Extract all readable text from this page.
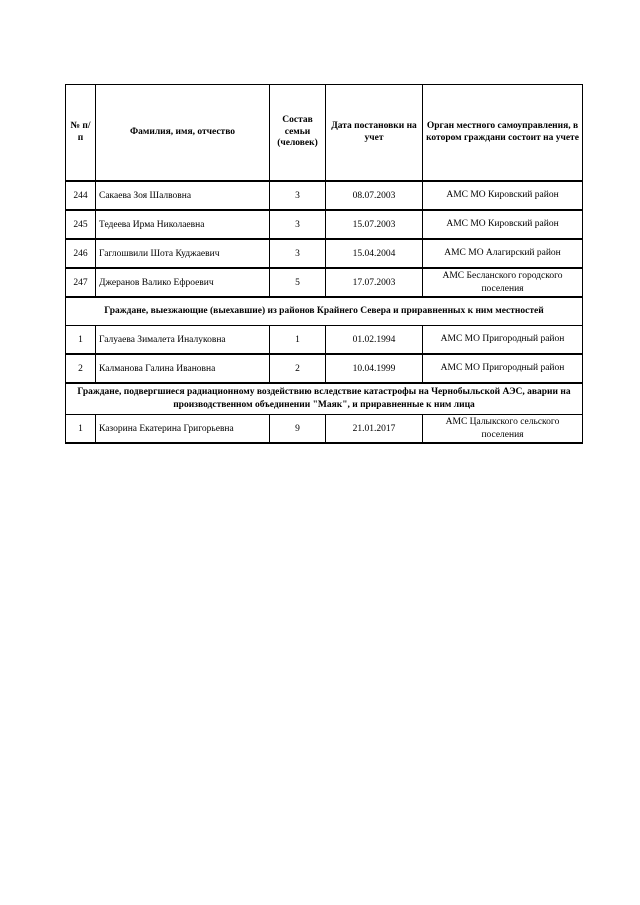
№ п/п	Фамилия, имя, отчество	Состав семьи (человек)	Дата постановки на учет	Орган местного самоуправления, в котором граждани состоит на учете
244	Сакаева Зоя Шалвовна	3	08.07.2003	АМС МО Кировский район
245	Тедеева Ирма Николаевна	3	15.07.2003	АМС МО Кировский район
246	Гаглошвили Шота Куджаевич	3	15.04.2004	АМС МО Алагирский район
247	Джеранов Валико Ефроевич	5	17.07.2003	АМС Бесланского городского поселения
Граждане, выезжающие (выехавшие) из районов Крайнего Севера и приравненных к ним местностей				
1	Галуаева Зималета Иналуковна	1	01.02.1994	АМС МО Пригородный район
2	Калманова Галина Ивановна	2	10.04.1999	АМС МО Пригородный район
Граждане, подвергшиеся радиационному воздействию вследствие катастрофы на Чернобыльской АЭС, аварии на производственном объединении "Маяк", и приравненные к ним лица				
1	Казорина Екатерина Григорьевна	9	21.01.2017	АМС Цалыкского сельского поселения
